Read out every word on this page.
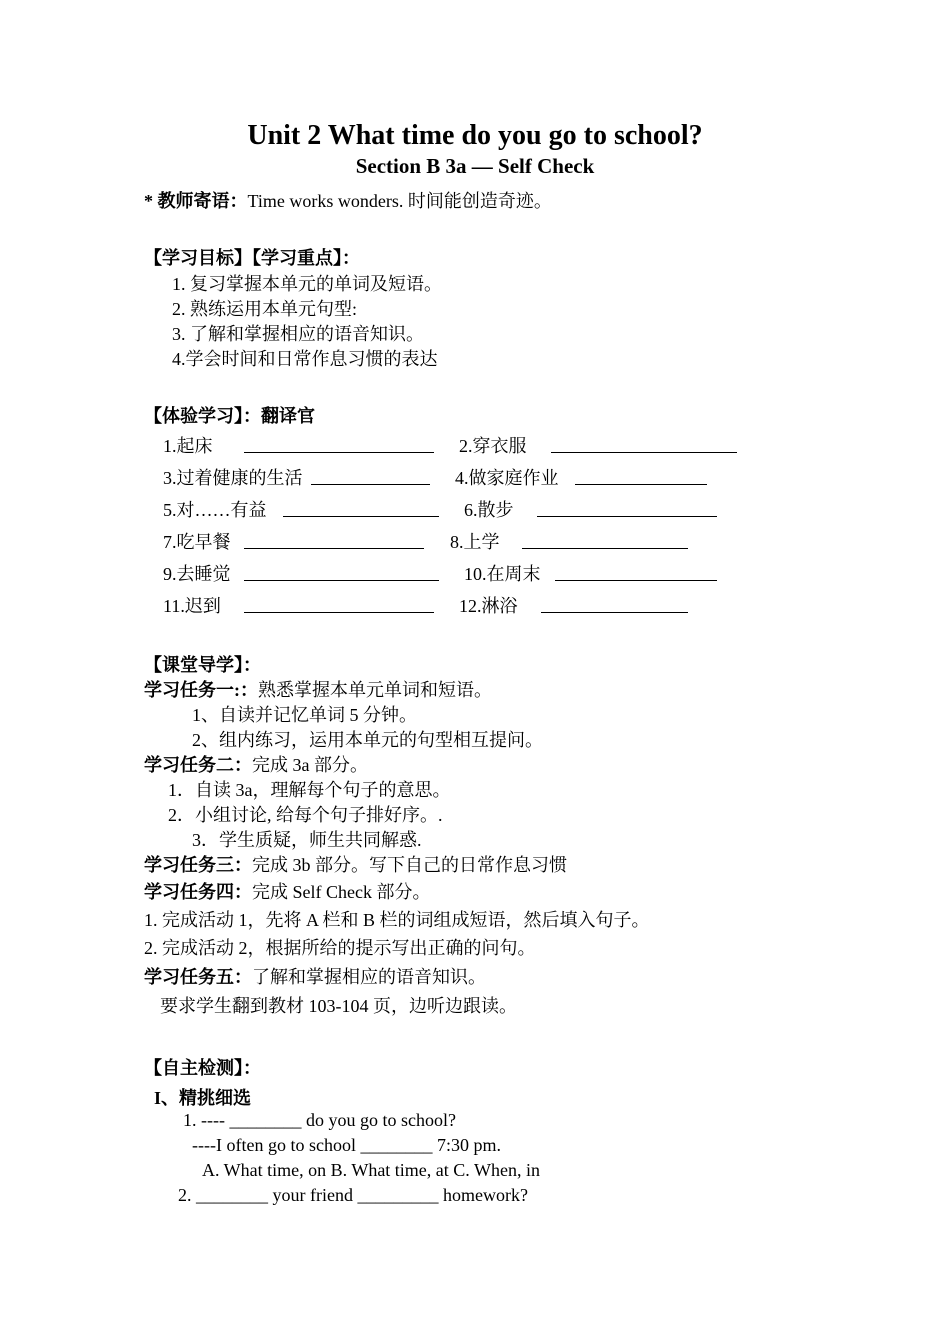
Unit 2 What time do you go to school?
Section B 3a — Self Check
* 教师寄语：Time works wonders. 时间能创造奇迹。
【学习目标】【学习重点】：
1. 复习掌握本单元的单词及短语。
2. 熟练运用本单元句型:
3. 了解和掌握相应的语音知识。
4.学会时间和日常作息习惯的表达
【体验学习】：翻译官
1.起床	2.穿衣服
3.过着健康的生活	4.做家庭作业
5.对……有益	6.散步
7.吃早餐	8.上学
9.去睡觉	10.在周末
11.迟到	12.淋浴
【课堂导学】：
学习任务一:：熟悉掌握本单元单词和短语。
1、自读并记忆单词 5 分钟。
2、组内练习，运用本单元的句型相互提问。
学习任务二：完成 3a 部分。
1．自读 3a，理解每个句子的意思。
2．小组讨论, 给每个句子排好序。.
3．学生质疑，师生共同解惑.
学习任务三：完成 3b 部分。写下自己的日常作息习惯
学习任务四：完成 Self Check 部分。
1. 完成活动 1，先将 A 栏和 B 栏的词组成短语，然后填入句子。
2. 完成活动 2，根据所给的提示写出正确的问句。
学习任务五：了解和掌握相应的语音知识。
要求学生翻到教材 103-104 页，边听边跟读。
【自主检测】：
I、精挑细选
1. ---- ________ do you go to school?
----I often go to school ________ 7:30 pm.
A. What time, on B. What time, at C. When, in
2. ________ your friend _________ homework?
